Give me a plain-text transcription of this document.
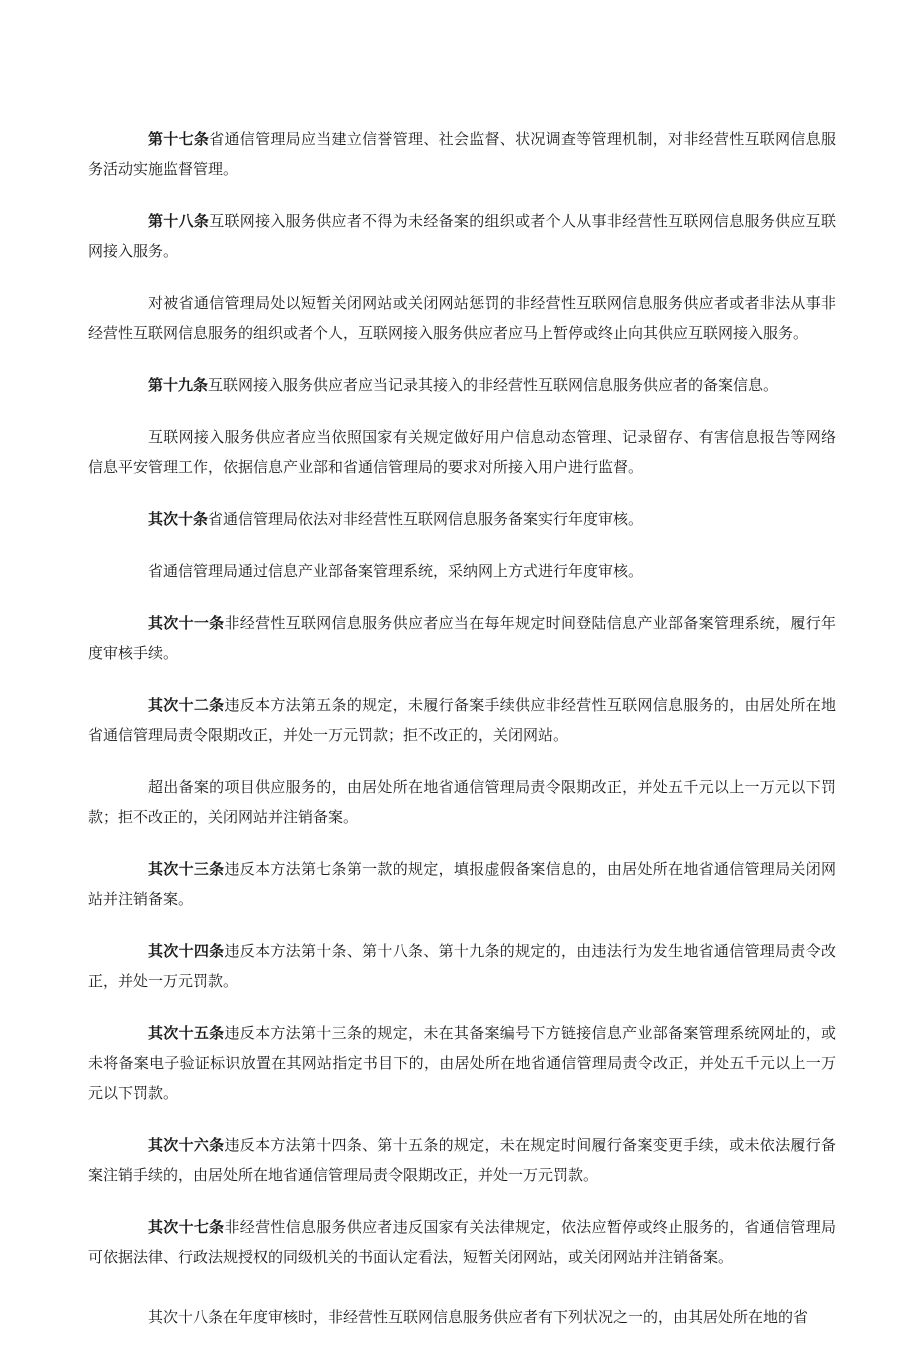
第十七条省通信管理局应当建立信誉管理、社会监督、状况调查等管理机制，对非经营性互联网信息服务活动实施监督管理。

第十八条互联网接入服务供应者不得为未经备案的组织或者个人从事非经营性互联网信息服务供应互联网接入服务。

对被省通信管理局处以短暂关闭网站或关闭网站惩罚的非经营性互联网信息服务供应者或者非法从事非经营性互联网信息服务的组织或者个人，互联网接入服务供应者应马上暂停或终止向其供应互联网接入服务。

第十九条互联网接入服务供应者应当记录其接入的非经营性互联网信息服务供应者的备案信息。

互联网接入服务供应者应当依照国家有关规定做好用户信息动态管理、记录留存、有害信息报告等网络信息平安管理工作，依据信息产业部和省通信管理局的要求对所接入用户进行监督。

其次十条省通信管理局依法对非经营性互联网信息服务备案实行年度审核。

省通信管理局通过信息产业部备案管理系统，采纳网上方式进行年度审核。

其次十一条非经营性互联网信息服务供应者应当在每年规定时间登陆信息产业部备案管理系统，履行年度审核手续。

其次十二条违反本方法第五条的规定，未履行备案手续供应非经营性互联网信息服务的，由居处所在地省通信管理局责令限期改正，并处一万元罚款；拒不改正的，关闭网站。

超出备案的项目供应服务的，由居处所在地省通信管理局责令限期改正，并处五千元以上一万元以下罚款；拒不改正的，关闭网站并注销备案。

其次十三条违反本方法第七条第一款的规定，填报虚假备案信息的，由居处所在地省通信管理局关闭网站并注销备案。

其次十四条违反本方法第十条、第十八条、第十九条的规定的，由违法行为发生地省通信管理局责令改正，并处一万元罚款。

其次十五条违反本方法第十三条的规定，未在其备案编号下方链接信息产业部备案管理系统网址的，或未将备案电子验证标识放置在其网站指定书目下的，由居处所在地省通信管理局责令改正，并处五千元以上一万元以下罚款。

其次十六条违反本方法第十四条、第十五条的规定，未在规定时间履行备案变更手续，或未依法履行备案注销手续的，由居处所在地省通信管理局责令限期改正，并处一万元罚款。

其次十七条非经营性信息服务供应者违反国家有关法律规定，依法应暂停或终止服务的，省通信管理局可依据法律、行政法规授权的同级机关的书面认定看法，短暂关闭网站，或关闭网站并注销备案。

其次十八条在年度审核时，非经营性互联网信息服务供应者有下列状况之一的，由其居处所在地的省
